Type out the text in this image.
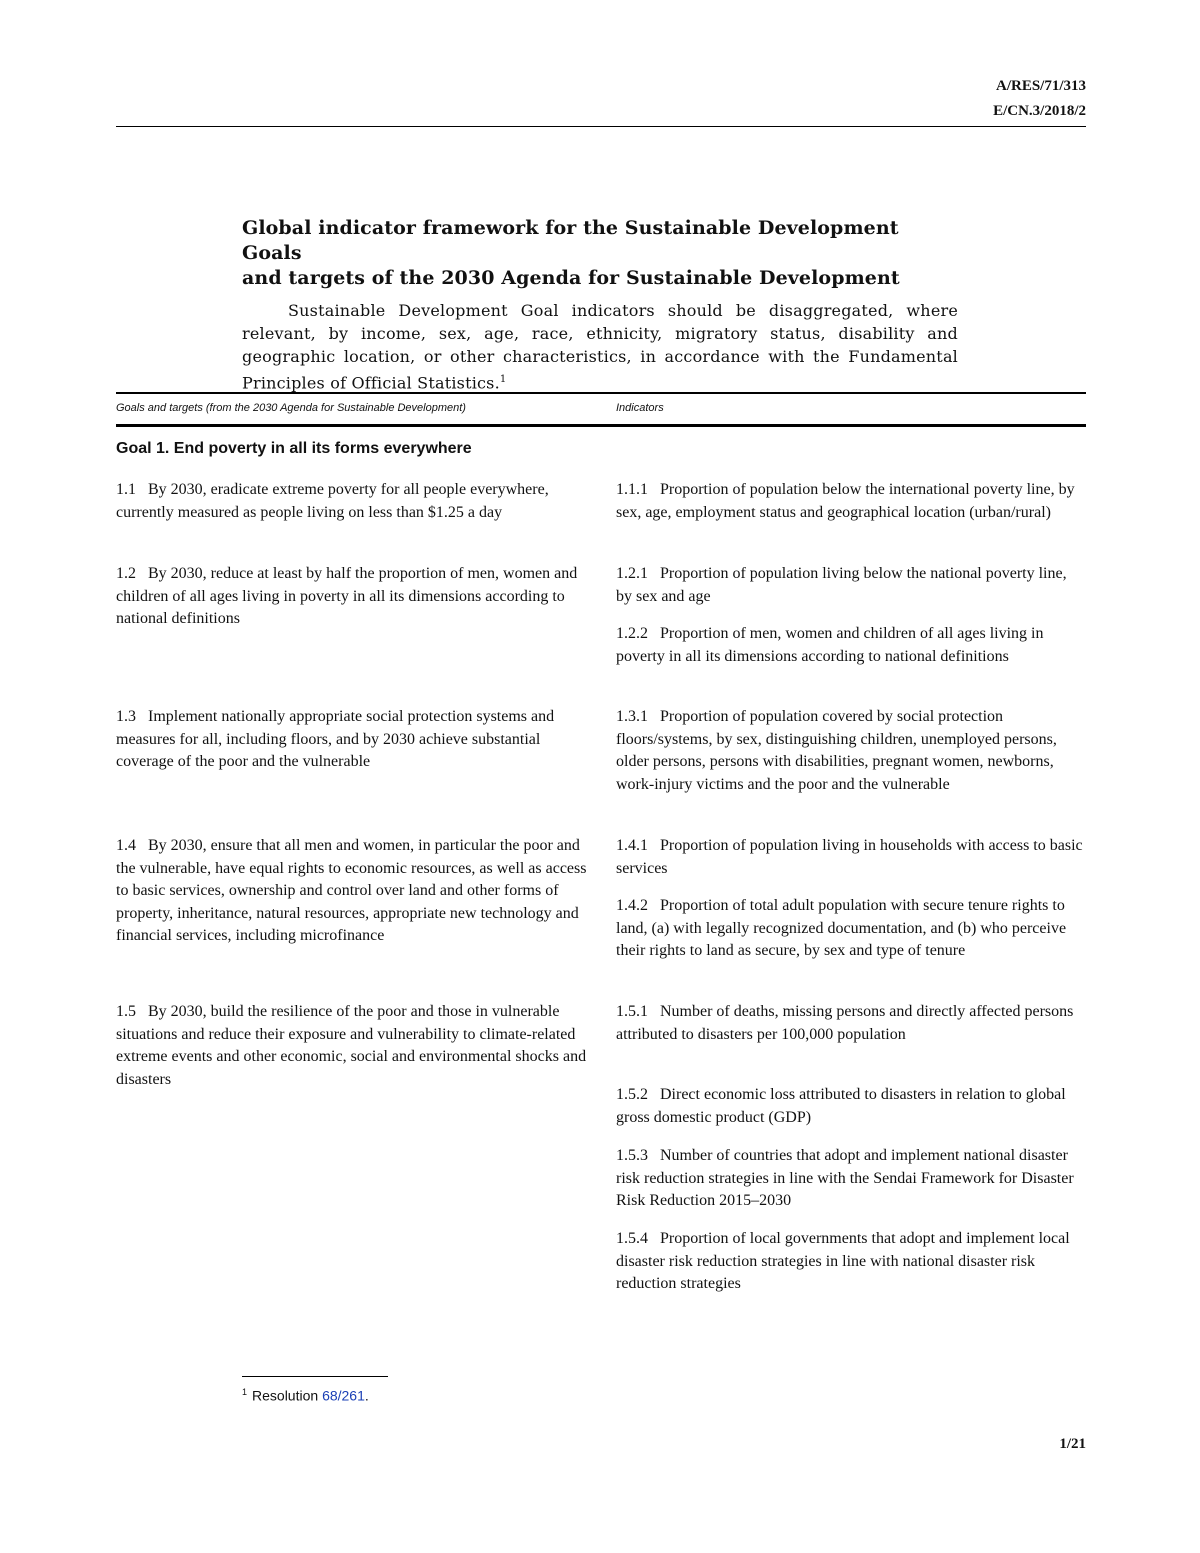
A/RES/71/313
E/CN.3/2018/2

Global indicator framework for the Sustainable Development Goals
and targets of the 2030 Agenda for Sustainable Development

Sustainable Development Goal indicators should be disaggregated, where relevant, by income, sex, age, race, ethnicity, migratory status, disability and geographic location, or other characteristics, in accordance with the Fundamental Principles of Official Statistics.$^1$

Goals and targets (from the 2030 Agenda for Sustainable Development)	Indicators
Goal 1. End poverty in all its forms everywhere
1.1 By 2030, eradicate extreme poverty for all people everywhere, currently measured as people living on less than $1.25 a day
1.2 By 2030, reduce at least by half the proportion of men, women and children of all ages living in poverty in all its dimensions according to national definitions
1.3 Implement nationally appropriate social protection systems and measures for all, including floors, and by 2030 achieve substantial coverage of the poor and the vulnerable
1.4 By 2030, ensure that all men and women, in particular the poor and the vulnerable, have equal rights to economic resources, as well as access to basic services, ownership and control over land and other forms of property, inheritance, natural resources, appropriate new technology and financial services, including microfinance
1.5 By 2030, build the resilience of the poor and those in vulnerable situations and reduce their exposure and vulnerability to climate-related extreme events and other economic, social and environmental shocks and disasters
1.1.1 Proportion of population below the international poverty line, by sex, age, employment status and geographical location (urban/rural)
1.2.1 Proportion of population living below the national poverty line, by sex and age
1.2.2 Proportion of men, women and children of all ages living in poverty in all its dimensions according to national definitions
1.3.1 Proportion of population covered by social protection floors/systems, by sex, distinguishing children, unemployed persons, older persons, persons with disabilities, pregnant women, newborns, work-injury victims and the poor and the vulnerable
1.4.1 Proportion of population living in households with access to basic services
1.4.2 Proportion of total adult population with secure tenure rights to land, (a) with legally recognized documentation, and (b) who perceive their rights to land as secure, by sex and type of tenure
1.5.1 Number of deaths, missing persons and directly affected persons attributed to disasters per 100,000 population
1.5.2 Direct economic loss attributed to disasters in relation to global gross domestic product (GDP)
1.5.3 Number of countries that adopt and implement national disaster risk reduction strategies in line with the Sendai Framework for Disaster Risk Reduction 2015–2030
1.5.4 Proportion of local governments that adopt and implement local disaster risk reduction strategies in line with national disaster risk reduction strategies
$^1$ Resolution 68/261.
1/21
